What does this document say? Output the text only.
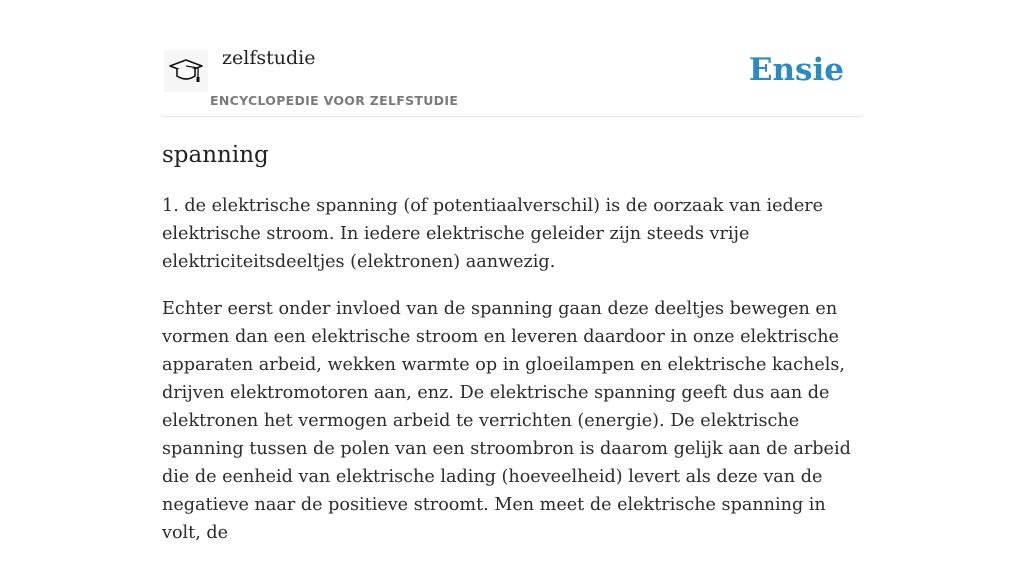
zelfstudie
ENCYCLOPEDIE VOOR ZELFSTUDIE
Ensie
spanning

1. de elektrische spanning (of potentiaalverschil) is de oorzaak van iedere elektrische stroom. In iedere elektrische geleider zijn steeds vrije elektriciteitsdeeltjes (elektronen) aanwezig.

Echter eerst onder invloed van de spanning gaan deze deeltjes bewegen en vormen dan een elektrische stroom en leveren daardoor in onze elektrische apparaten arbeid, wekken warmte op in gloeilampen en elektrische kachels, drijven elektromotoren aan, enz. De elektrische spanning geeft dus aan de elektronen het vermogen arbeid te verrichten (energie). De elektrische spanning tussen de polen van een stroombron is daarom gelijk aan de arbeid die de eenheid van elektrische lading (hoeveelheid) levert als deze van de negatieve naar de positieve stroomt. Men meet de elektrische spanning in volt, de
